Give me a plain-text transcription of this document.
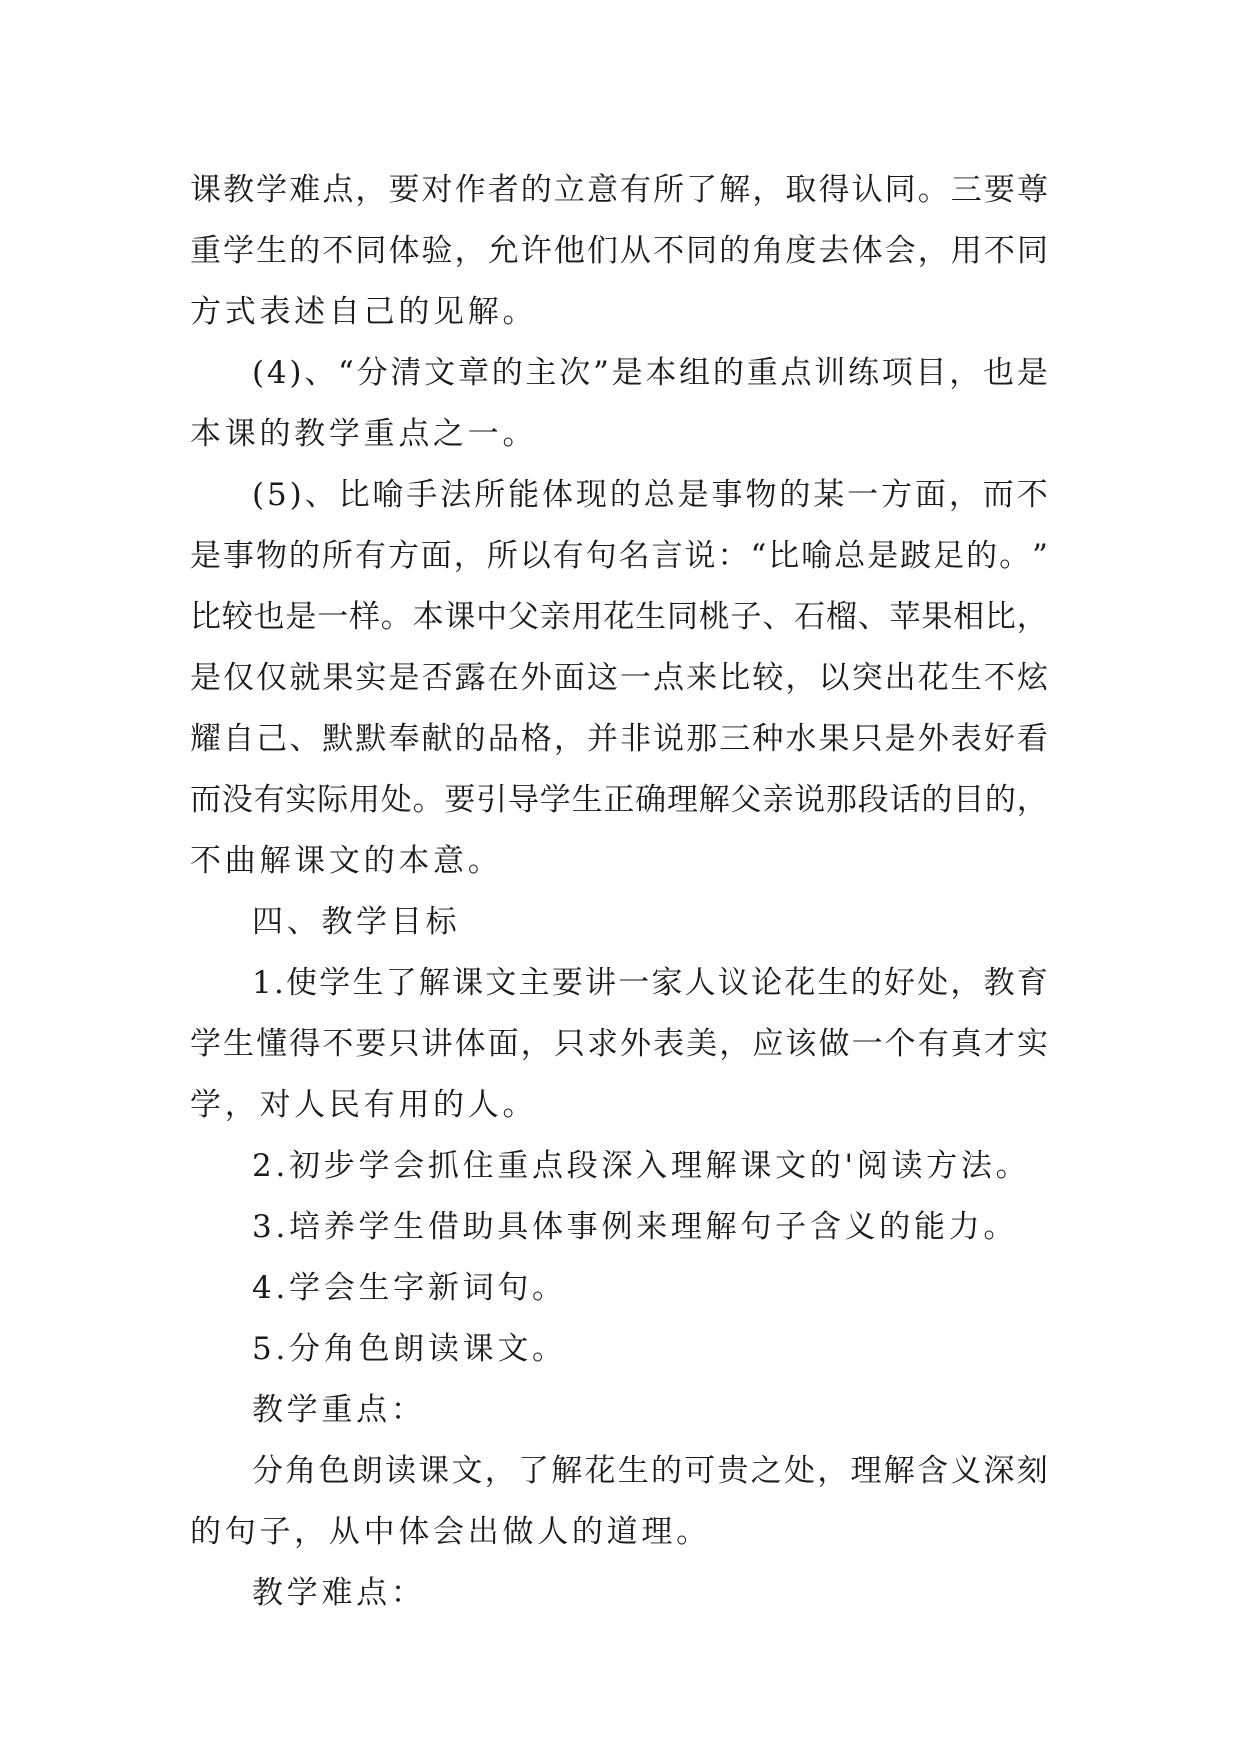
课 教 学 难 点 ， 要 对 作 者 的 立 意 有 所 了 解 ， 取 得 认 同 。 三 要 尊
重 学 生 的 不 同 体 验 ， 允 许 他 们 从 不 同 的 角 度 去 体 会 ， 用 不 同
方式表述自己的见解。
( 4 ) 、 “ 分 清 文 章 的 主 次 ” 是 本 组 的 重 点 训 练 项 目 ， 也 是
本课的教学重点之一。
( 5 ) 、 比 喻 手 法 所 能 体 现 的 总 是 事 物 的 某 一 方 面 ， 而 不
是 事 物 的 所 有 方 面 ， 所 以 有 句 名 言 说 ： “ 比 喻 总 是 跛 足 的 。 ”
比 较 也 是 一 样 。 本 课 中 父 亲 用 花 生 同 桃 子 、 石 榴 、 苹 果 相 比 ，
是 仅 仅 就 果 实 是 否 露 在 外 面 这 一 点 来 比 较 ， 以 突 出 花 生 不 炫
耀 自 己 、 默 默 奉 献 的 品 格 ， 并 非 说 那 三 种 水 果 只 是 外 表 好 看
而 没 有 实 际 用 处 。 要 引 导 学 生 正 确 理 解 父 亲 说 那 段 话 的 目 的 ，
不曲解课文的本意。
四、教学目标
1 . 使 学 生 了 解 课 文 主 要 讲 一 家 人 议 论 花 生 的 好 处 ， 教 育
学 生 懂 得 不 要 只 讲 体 面 ， 只 求 外 表 美 ， 应 该 做 一 个 有 真 才 实
学，对人民有用的人。
2.初步学会抓住重点段深入理解课文的'阅读方法。
3.培养学生借助具体事例来理解句子含义的能力。
4.学会生字新词句。
5.分角色朗读课文。
教学重点：
分 角 色 朗 读 课 文 ， 了 解 花 生 的 可 贵 之 处 ， 理 解 含 义 深 刻
的句子，从中体会出做人的道理。
教学难点：
